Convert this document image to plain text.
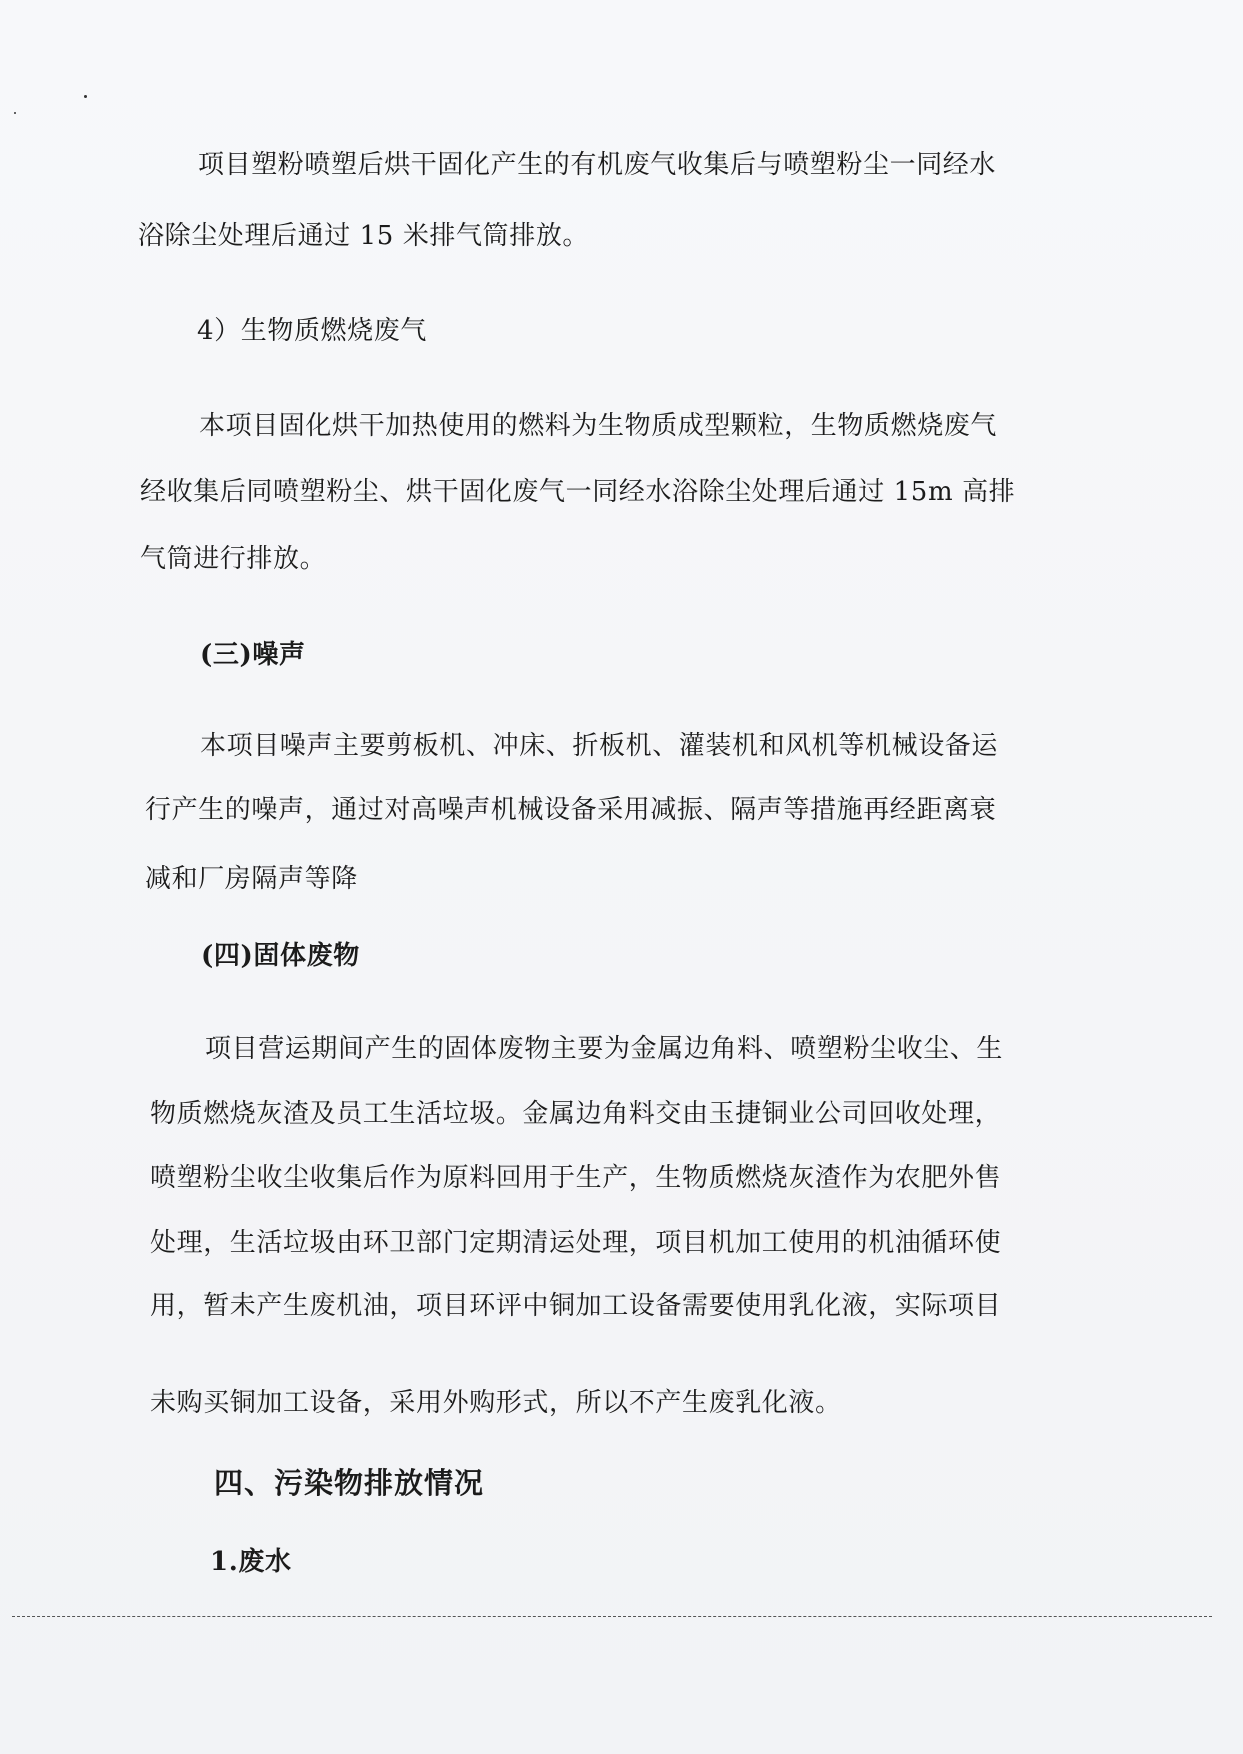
项目塑粉喷塑后烘干固化产生的有机废气收集后与喷塑粉尘一同经水
浴除尘处理后通过 15 米排气筒排放。
4）生物质燃烧废气
本项目固化烘干加热使用的燃料为生物质成型颗粒，生物质燃烧废气
经收集后同喷塑粉尘、烘干固化废气一同经水浴除尘处理后通过 15m 高排
气筒进行排放。
(三)噪声
本项目噪声主要剪板机、冲床、折板机、灌装机和风机等机械设备运
行产生的噪声，通过对高噪声机械设备采用减振、隔声等措施再经距离衰
减和厂房隔声等降
(四)固体废物
项目营运期间产生的固体废物主要为金属边角料、喷塑粉尘收尘、生
物质燃烧灰渣及员工生活垃圾。金属边角料交由玉捷铜业公司回收处理，
喷塑粉尘收尘收集后作为原料回用于生产，生物质燃烧灰渣作为农肥外售
处理，生活垃圾由环卫部门定期清运处理，项目机加工使用的机油循环使
用，暂未产生废机油，项目环评中铜加工设备需要使用乳化液，实际项目
未购买铜加工设备，采用外购形式，所以不产生废乳化液。
四、污染物排放情况
1.废水
